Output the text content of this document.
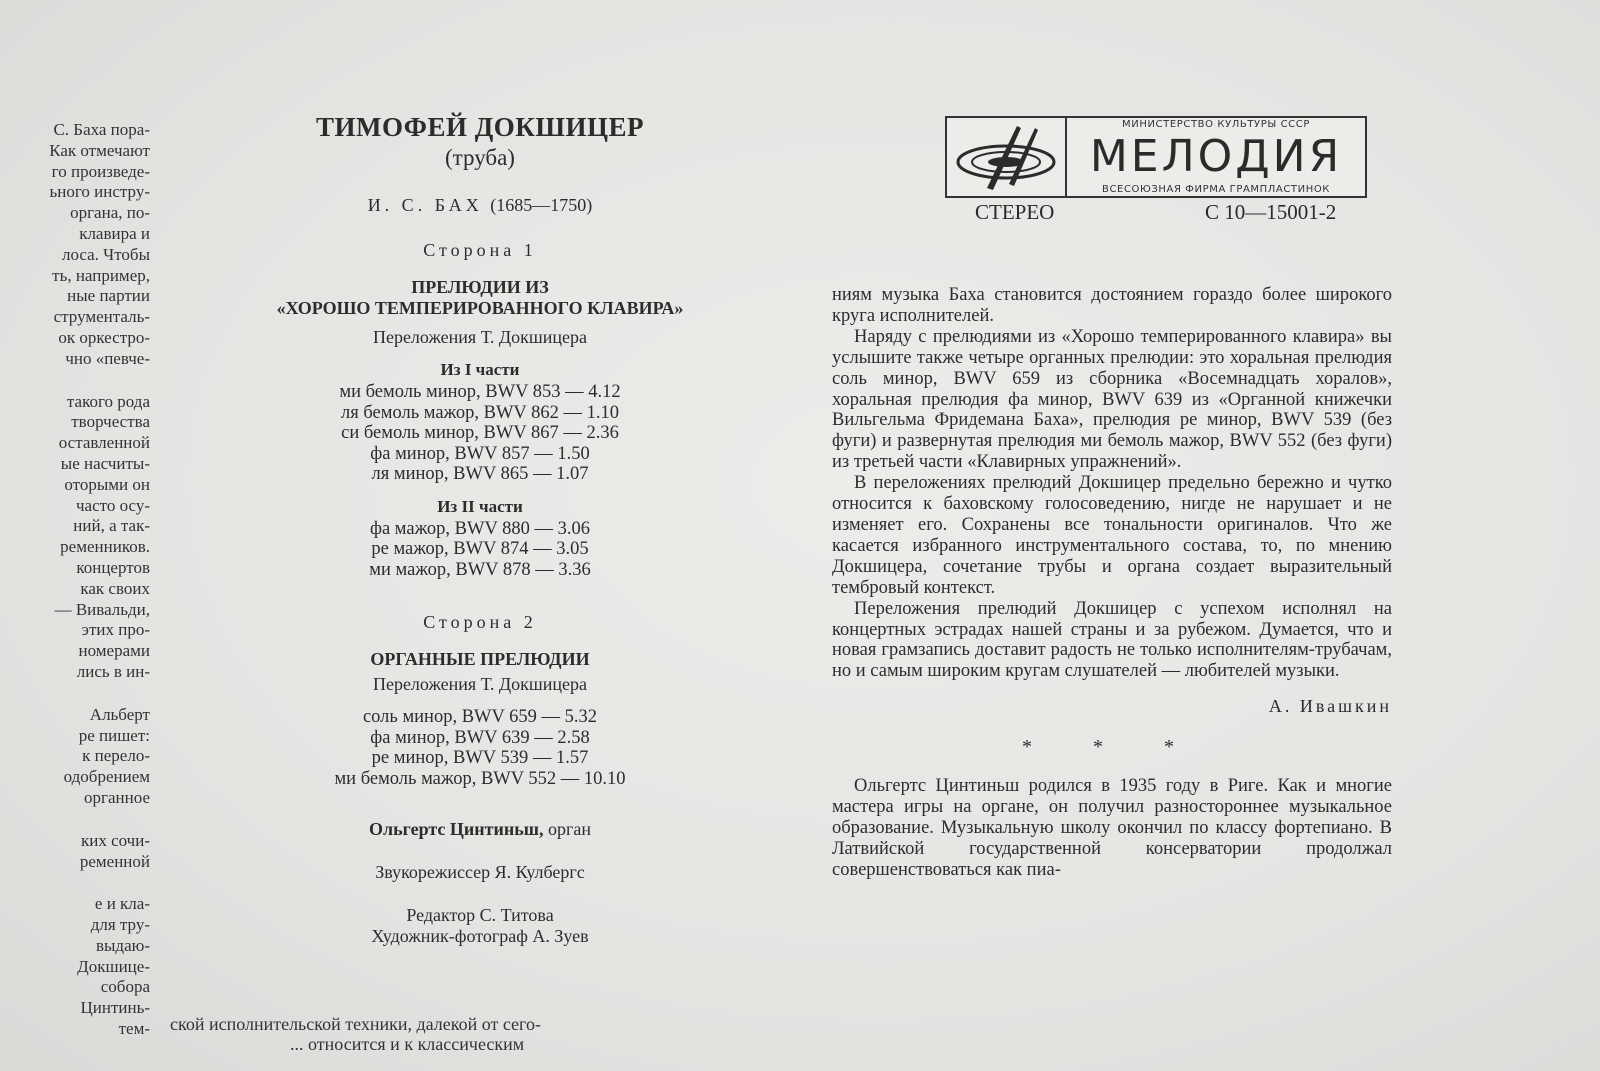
С. Баха пора-
Как отмечают
го произведе-
ьного инстру-
органа, по-
клавира и
лоса. Чтобы
ть, например,
ные партии
струменталь-
ок оркестро-
чно «певче-
такого рода
творчества
оставленной
ые насчиты-
оторыми он
часто осу-
ний, а так-
ременников.
концертов
как своих
— Вивальди,
этих про-
номерами
лись в ин-
Альберт
ре пишет:
к перело-
одобрением
органное
ких сочи-
ременной
е и кла-
для тру-
выдаю-
Докшице-
собора
Цинтинь-
тем-
ТИМОФЕЙ ДОКШИЦЕР
(труба)
И. С. БАХ (1685—1750)
Сторона 1
ПРЕЛЮДИИ ИЗ
«ХОРОШО ТЕМПЕРИРОВАННОГО КЛАВИРА»
Переложения Т. Докшицера
Из I части
ми бемоль минор, BWV 853 — 4.12
ля бемоль мажор, BWV 862 — 1.10
си бемоль минор, BWV 867 — 2.36
фа минор, BWV 857 — 1.50
ля минор, BWV 865 — 1.07
Из II части
фа мажор, BWV 880 — 3.06
ре мажор, BWV 874 — 3.05
ми мажор, BWV 878 — 3.36
Сторона 2
ОРГАННЫЕ ПРЕЛЮДИИ
Переложения Т. Докшицера
соль минор, BWV 659 — 5.32
фа минор, BWV 639 — 2.58
ре минор, BWV 539 — 1.57
ми бемоль мажор, BWV 552 — 10.10
Ольгертс Цинтиньш, орган
Звукорежиссер Я. Кулбергс
Редактор С. Титова
Художник-фотограф А. Зуев
ской исполнительской техники, далекой от сего-
... относится и к классическим
МИНИСТЕРСТВО КУЛЬТУРЫ СССР
МЕЛОДИЯ
ВСЕСОЮЗНАЯ ФИРМА ГРАМПЛАСТИНОК
СТЕРЕО	С 10—15001-2

ниям музыка Баха становится достоянием гораздо более широкого круга исполнителей.

Наряду с прелюдиями из «Хорошо темперированного клавира» вы услышите также четыре органных прелюдии: это хоральная прелюдия соль минор, BWV 659 из сборника «Восемнадцать хоралов», хоральная прелюдия фа минор, BWV 639 из «Органной книжечки Вильгельма Фридемана Баха», прелюдия ре минор, BWV 539 (без фуги) и развернутая прелюдия ми бемоль мажор, BWV 552 (без фуги) из третьей части «Клавирных упражнений».

В переложениях прелюдий Докшицер предельно бережно и чутко относится к баховскому голосоведению, нигде не нарушает и не изменяет его. Сохранены все тональности оригиналов. Что же касается избранного инструментального состава, то, по мнению Докшицера, сочетание трубы и органа создает выразительный тембровый контекст.

Переложения прелюдий Докшицер с успехом исполнял на концертных эстрадах нашей страны и за рубежом. Думается, что и новая грамзапись доставит радость не только исполнителям-трубачам, но и самым широким кругам слушателей — любителей музыки.

А. Ивашкин
* * *

Ольгертс Цинтиньш родился в 1935 году в Риге. Как и многие мастера игры на органе, он получил разностороннее музыкальное образование. Музыкальную школу окончил по классу фортепиано. В Латвийской государственной консерватории продолжал совершенствоваться как пиа-
